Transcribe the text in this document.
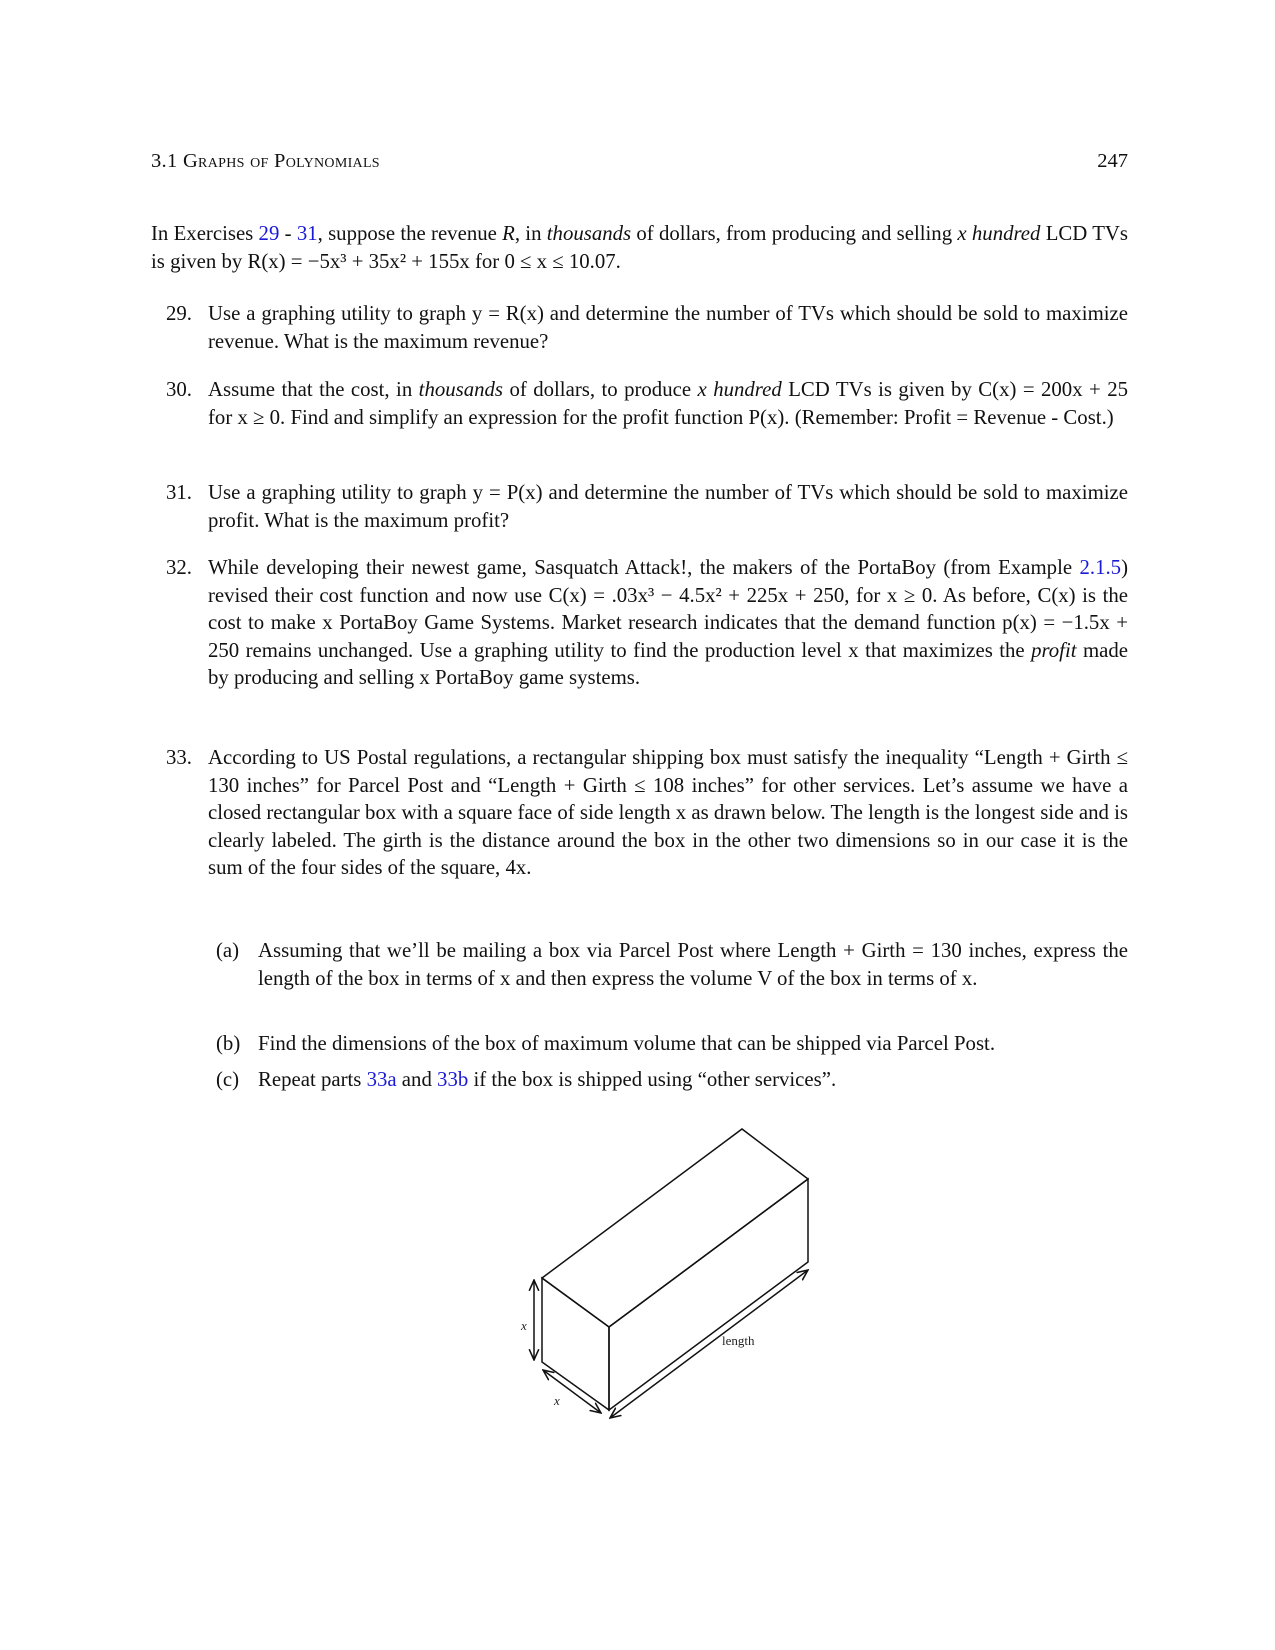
3.1 Graphs of Polynomials	247
In Exercises 29 - 31, suppose the revenue R, in thousands of dollars, from producing and selling x hundred LCD TVs is given by R(x) = −5x³ + 35x² + 155x for 0 ≤ x ≤ 10.07.
29. Use a graphing utility to graph y = R(x) and determine the number of TVs which should be sold to maximize revenue. What is the maximum revenue?
30. Assume that the cost, in thousands of dollars, to produce x hundred LCD TVs is given by C(x) = 200x + 25 for x ≥ 0. Find and simplify an expression for the profit function P(x). (Remember: Profit = Revenue - Cost.)
31. Use a graphing utility to graph y = P(x) and determine the number of TVs which should be sold to maximize profit. What is the maximum profit?
32. While developing their newest game, Sasquatch Attack!, the makers of the PortaBoy (from Example 2.1.5) revised their cost function and now use C(x) = .03x³ − 4.5x² + 225x + 250, for x ≥ 0. As before, C(x) is the cost to make x PortaBoy Game Systems. Market research indicates that the demand function p(x) = −1.5x + 250 remains unchanged. Use a graphing utility to find the production level x that maximizes the profit made by producing and selling x PortaBoy game systems.
33. According to US Postal regulations, a rectangular shipping box must satisfy the inequality “Length + Girth ≤ 130 inches” for Parcel Post and “Length + Girth ≤ 108 inches” for other services. Let’s assume we have a closed rectangular box with a square face of side length x as drawn below. The length is the longest side and is clearly labeled. The girth is the distance around the box in the other two dimensions so in our case it is the sum of the four sides of the square, 4x.
(a) Assuming that we’ll be mailing a box via Parcel Post where Length + Girth = 130 inches, express the length of the box in terms of x and then express the volume V of the box in terms of x.
(b) Find the dimensions of the box of maximum volume that can be shipped via Parcel Post.
(c) Repeat parts 33a and 33b if the box is shipped using “other services”.
x
x
length
